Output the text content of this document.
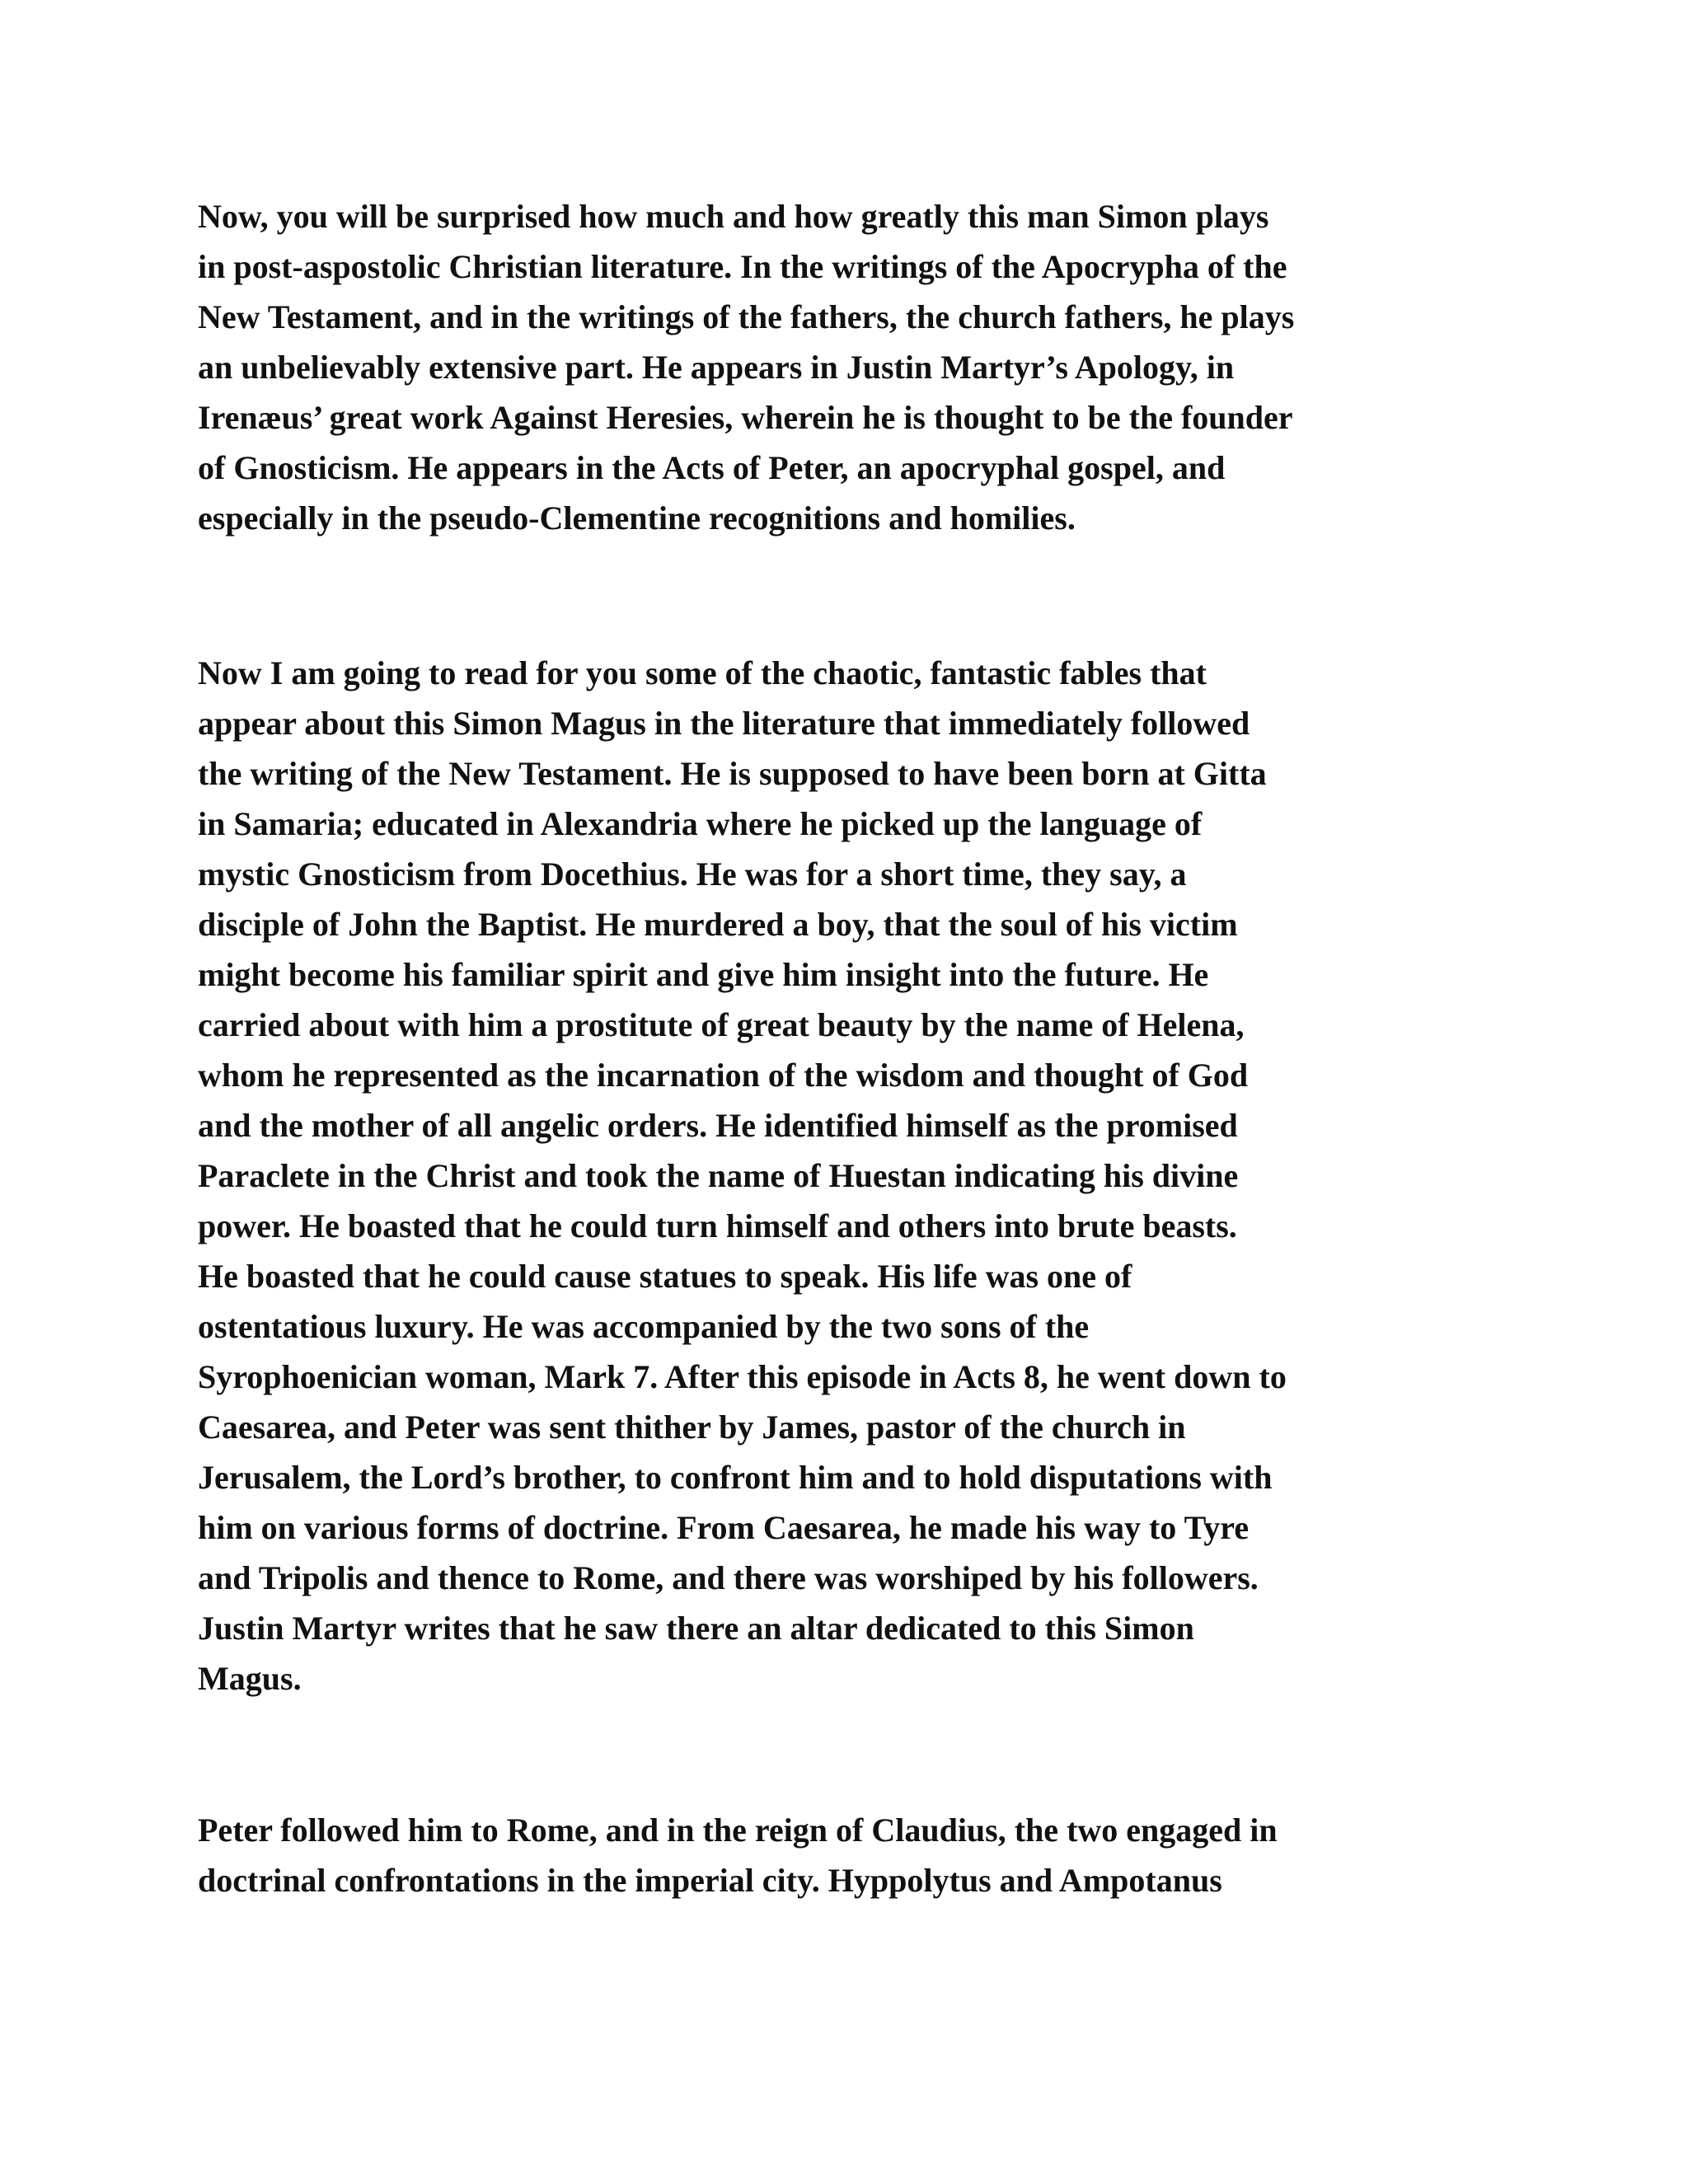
Now, you will be surprised how much and how greatly this man Simon plays
in post-aspostolic Christian literature. In the writings of the Apocrypha of the
New Testament, and in the writings of the fathers, the church fathers, he plays
an unbelievably extensive part. He appears in Justin Martyr’s Apology, in
Irenæus’ great work Against Heresies, wherein he is thought to be the founder
of Gnosticism. He appears in the Acts of Peter, an apocryphal gospel, and
especially in the pseudo-Clementine recognitions and homilies.
Now I am going to read for you some of the chaotic, fantastic fables that
appear about this Simon Magus in the literature that immediately followed
the writing of the New Testament. He is supposed to have been born at Gitta
in Samaria; educated in Alexandria where he picked up the language of
mystic Gnosticism from Docethius. He was for a short time, they say, a
disciple of John the Baptist. He murdered a boy, that the soul of his victim
might become his familiar spirit and give him insight into the future. He
carried about with him a prostitute of great beauty by the name of Helena,
whom he represented as the incarnation of the wisdom and thought of God
and the mother of all angelic orders. He identified himself as the promised
Paraclete in the Christ and took the name of Huestan indicating his divine
power. He boasted that he could turn himself and others into brute beasts.
He boasted that he could cause statues to speak. His life was one of
ostentatious luxury. He was accompanied by the two sons of the
Syrophoenician woman, Mark 7. After this episode in Acts 8, he went down to
Caesarea, and Peter was sent thither by James, pastor of the church in
Jerusalem, the Lord’s brother, to confront him and to hold disputations with
him on various forms of doctrine. From Caesarea, he made his way to Tyre
and Tripolis and thence to Rome, and there was worshiped by his followers.
Justin Martyr writes that he saw there an altar dedicated to this Simon
Magus.
Peter followed him to Rome, and in the reign of Claudius, the two engaged in
doctrinal confrontations in the imperial city. Hyppolytus and Ampotanus
